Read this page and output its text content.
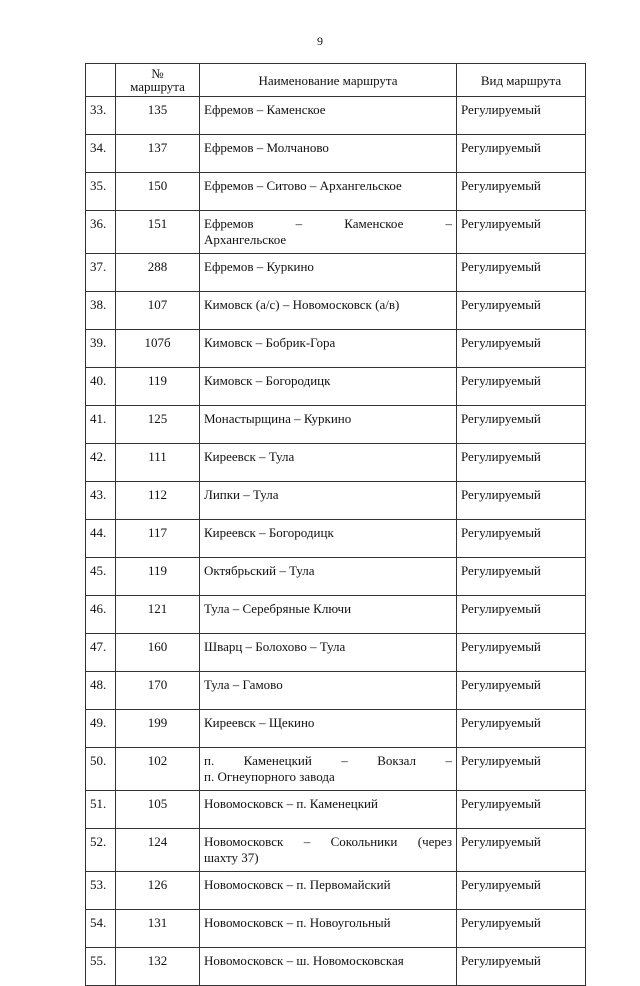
9

	№
маршрута	Наименование маршрута	Вид маршрута
33.	135	Ефремов – Каменское	Регулируемый
34.	137	Ефремов – Молчаново	Регулируемый
35.	150	Ефремов – Ситово – Архангельское	Регулируемый
36.	151	Ефремов – Каменское –
Архангельское	Регулируемый
37.	288	Ефремов – Куркино	Регулируемый
38.	107	Кимовск (а/с) – Новомосковск (а/в)	Регулируемый
39.	107б	Кимовск – Бобрик-Гора	Регулируемый
40.	119	Кимовск – Богородицк	Регулируемый
41.	125	Монастырщина – Куркино	Регулируемый
42.	111	Киреевск – Тула	Регулируемый
43.	112	Липки – Тула	Регулируемый
44.	117	Киреевск – Богородицк	Регулируемый
45.	119	Октябрьский – Тула	Регулируемый
46.	121	Тула – Серебряные Ключи	Регулируемый
47.	160	Шварц – Болохово – Тула	Регулируемый
48.	170	Тула – Гамово	Регулируемый
49.	199	Киреевск – Щекино	Регулируемый
50.	102	п. Каменецкий – Вокзал –
п. Огнеупорного завода	Регулируемый
51.	105	Новомосковск – п. Каменецкий	Регулируемый
52.	124	Новомосковск – Сокольники (через
шахту 37)	Регулируемый
53.	126	Новомосковск – п. Первомайский	Регулируемый
54.	131	Новомосковск – п. Новоугольный	Регулируемый
55.	132	Новомосковск – ш. Новомосковская	Регулируемый
